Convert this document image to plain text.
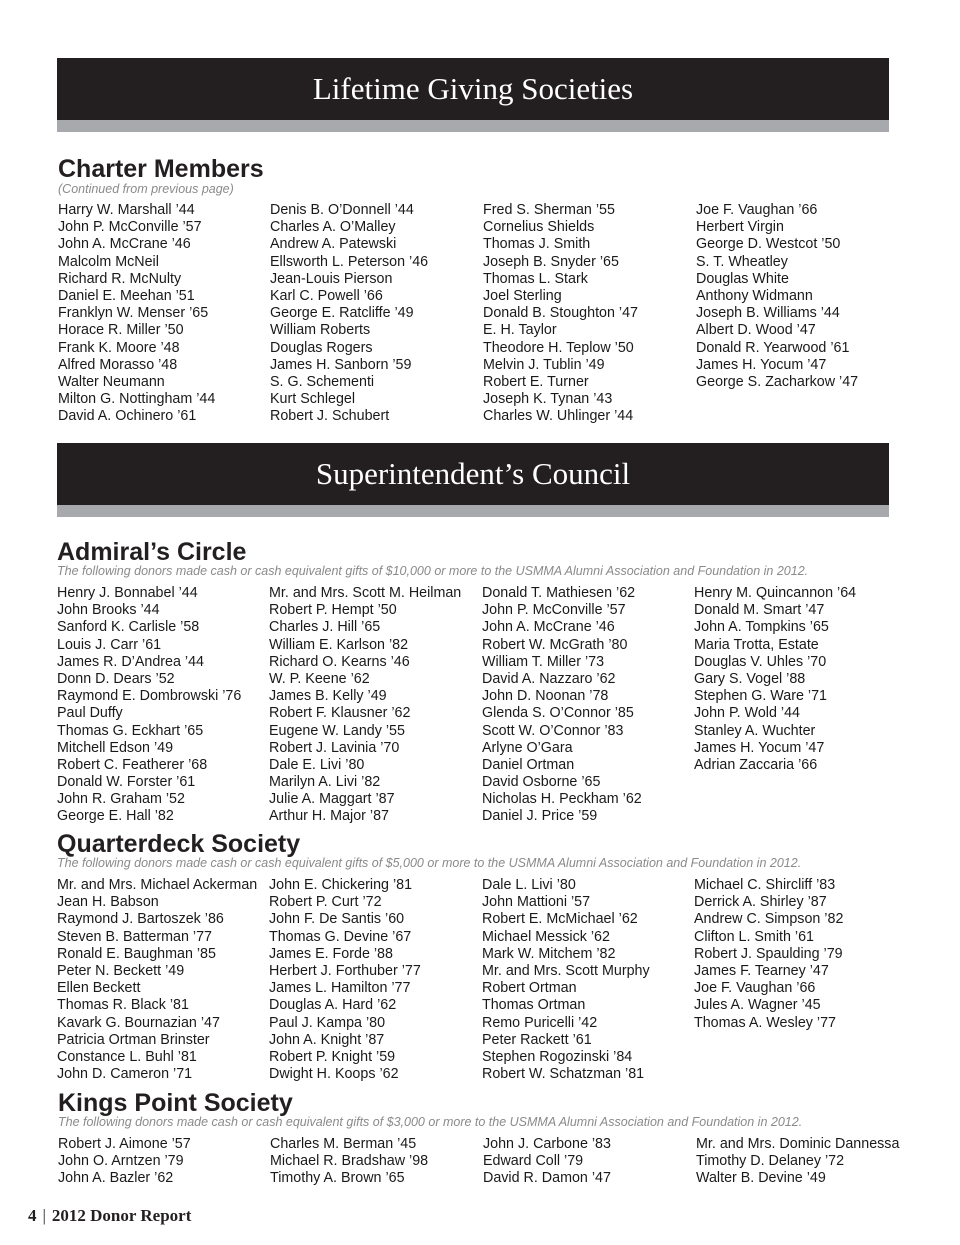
Lifetime Giving Societies
Charter Members
(Continued from previous page)
Harry W. Marshall ’44
John P. McConville ’57
John A. McCrane ’46
Malcolm McNeil
Richard R. McNulty
Daniel E. Meehan ’51
Franklyn W. Menser ’65
Horace R. Miller ’50
Frank K. Moore ’48
Alfred Morasso ’48
Walter Neumann
Milton G. Nottingham ’44
David A. Ochinero ’61
Denis B. O’Donnell ’44
Charles A. O’Malley
Andrew A. Patewski
Ellsworth L. Peterson ’46
Jean-Louis Pierson
Karl C. Powell ’66
George E. Ratcliffe ’49
William Roberts
Douglas Rogers
James H. Sanborn ’59
S. G. Schementi
Kurt Schlegel
Robert J. Schubert
Fred S. Sherman ’55
Cornelius Shields
Thomas J. Smith
Joseph B. Snyder ’65
Thomas L. Stark
Joel Sterling
Donald B. Stoughton ’47
E. H. Taylor
Theodore H. Teplow ’50
Melvin J. Tublin ’49
Robert E. Turner
Joseph K. Tynan ’43
Charles W. Uhlinger ’44
Joe F. Vaughan ’66
Herbert Virgin
George D. Westcot ’50
S. T. Wheatley
Douglas White
Anthony Widmann
Joseph B. Williams ’44
Albert D. Wood ’47
Donald R. Yearwood ’61
James H. Yocum ’47
George S. Zacharkow ’47
Superintendent’s Council
Admiral’s Circle
The following donors made cash or cash equivalent gifts of $10,000 or more to the USMMA Alumni Association and Foundation in 2012.
Henry J. Bonnabel ’44
John Brooks ’44
Sanford K. Carlisle ’58
Louis J. Carr ’61
James R. D’Andrea ’44
Donn D. Dears ’52
Raymond E. Dombrowski ’76
Paul Duffy
Thomas G. Eckhart ’65
Mitchell Edson ’49
Robert C. Featherer ’68
Donald W. Forster ’61
John R. Graham ’52
George E. Hall ’82
Mr. and Mrs. Scott M. Heilman
Robert P. Hempt ’50
Charles J. Hill ’65
William E. Karlson ’82
Richard O. Kearns ’46
W. P. Keene ’62
James B. Kelly ’49
Robert F. Klausner ’62
Eugene W. Landy ’55
Robert J. Lavinia ’70
Dale E. Livi ’80
Marilyn A. Livi ’82
Julie A. Maggart ’87
Arthur H. Major ’87
Donald T. Mathiesen ’62
John P. McConville ’57
John A. McCrane ’46
Robert W. McGrath ’80
William T. Miller ’73
David A. Nazzaro ’62
John D. Noonan ’78
Glenda S. O’Connor ’85
Scott W. O’Connor ’83
Arlyne O’Gara
Daniel Ortman
David Osborne ’65
Nicholas H. Peckham ’62
Daniel J. Price ’59
Henry M. Quincannon ’64
Donald M. Smart ’47
John A. Tompkins ’65
Maria Trotta, Estate
Douglas V. Uhles ’70
Gary S. Vogel ’88
Stephen G. Ware ’71
John P. Wold ’44
Stanley A. Wuchter
James H. Yocum ’47
Adrian Zaccaria ’66
Quarterdeck Society
The following donors made cash or cash equivalent gifts of $5,000 or more to the USMMA Alumni Association and Foundation in 2012.
Mr. and Mrs. Michael Ackerman
Jean H. Babson
Raymond J. Bartoszek ’86
Steven B. Batterman ’77
Ronald E. Baughman ’85
Peter N. Beckett ’49
Ellen Beckett
Thomas R. Black ’81
Kavark G. Bournazian ’47
Patricia Ortman Brinster
Constance L. Buhl ’81
John D. Cameron ’71
John E. Chickering ’81
Robert P. Curt ’72
John F. De Santis ’60
Thomas G. Devine ’67
James E. Forde ’88
Herbert J. Forthuber ’77
James L. Hamilton ’77
Douglas A. Hard ’62
Paul J. Kampa ’80
John A. Knight ’87
Robert P. Knight ’59
Dwight H. Koops ’62
Dale L. Livi ’80
John Mattioni ’57
Robert E. McMichael ’62
Michael Messick ’62
Mark W. Mitchem ’82
Mr. and Mrs. Scott Murphy
Robert Ortman
Thomas Ortman
Remo Puricelli ’42
Peter Rackett ’61
Stephen Rogozinski ’84
Robert W. Schatzman ’81
Michael C. Shircliff ’83
Derrick A. Shirley ’87
Andrew C. Simpson ’82
Clifton L. Smith ’61
Robert J. Spaulding ’79
James F. Tearney ’47
Joe F. Vaughan ’66
Jules A. Wagner ’45
Thomas A. Wesley ’77
Kings Point Society
The following donors made cash or cash equivalent gifts of $3,000 or more to the USMMA Alumni Association and Foundation in 2012.
Robert J. Aimone ’57
John O. Arntzen ’79
John A. Bazler ’62
Charles M. Berman ’45
Michael R. Bradshaw ’98
Timothy A. Brown ’65
John J. Carbone ’83
Edward Coll ’79
David R. Damon ’47
Mr. and Mrs. Dominic Dannessa
Timothy D. Delaney ’72
Walter B. Devine ’49
4 | 2012 Donor Report
